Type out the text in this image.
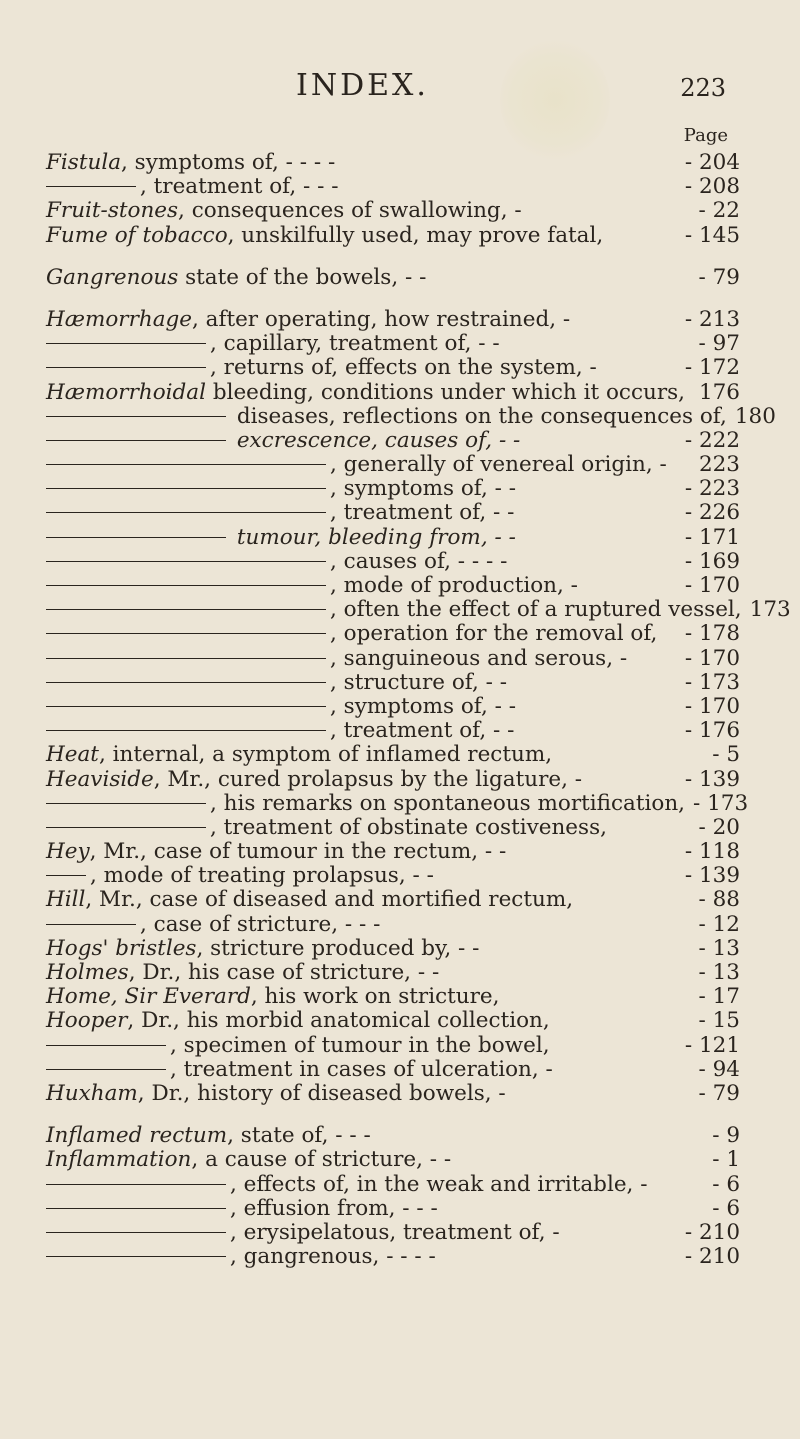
INDEX.	223
Page
Fistula, symptoms of, - - - -	- 204
, treatment of, - - -	- 208
Fruit-stones, consequences of swallowing, -	- 22
Fume of tobacco, unskilfully used, may prove fatal,	- 145
Gangrenous state of the bowels, - -	- 79
Hæmorrhage, after operating, how restrained, -	- 213
, capillary, treatment of, - -	- 97
, returns of, effects on the system, -	- 172
Hæmorrhoidal bleeding, conditions under which it occurs, 176
diseases, reflections on the consequences of, 180
excrescence, causes of, - -	- 222
, generally of venereal origin, -	223
, symptoms of, - -	- 223
, treatment of, - -	- 226
tumour, bleeding from, - -	- 171
, causes of, - - - -	- 169
, mode of production, -	- 170
, often the effect of a ruptured vessel, 173
, operation for the removal of,	- 178
, sanguineous and serous, -	- 170
, structure of, - -	- 173
, symptoms of, - -	- 170
, treatment of, - -	- 176
Heat, internal, a symptom of inflamed rectum,	- 5
Heaviside, Mr., cured prolapsus by the ligature, -	- 139
, his remarks on spontaneous mortification, - 173
, treatment of obstinate costiveness,	- 20
Hey, Mr., case of tumour in the rectum, - -	- 118
, mode of treating prolapsus, - -	- 139
Hill, Mr., case of diseased and mortified rectum,	- 88
, case of stricture, - - -	- 12
Hogs' bristles, stricture produced by, - -	- 13
Holmes, Dr., his case of stricture, - -	- 13
Home, Sir Everard, his work on stricture,	- 17
Hooper, Dr., his morbid anatomical collection,	- 15
, specimen of tumour in the bowel,	- 121
, treatment in cases of ulceration, -	- 94
Huxham, Dr., history of diseased bowels, -	- 79
Inflamed rectum, state of, - - -	- 9
Inflammation, a cause of stricture, - -	- 1
, effects of, in the weak and irritable, -	- 6
, effusion from, - - -	- 6
, erysipelatous, treatment of, -	- 210
, gangrenous, - - - -	- 210
